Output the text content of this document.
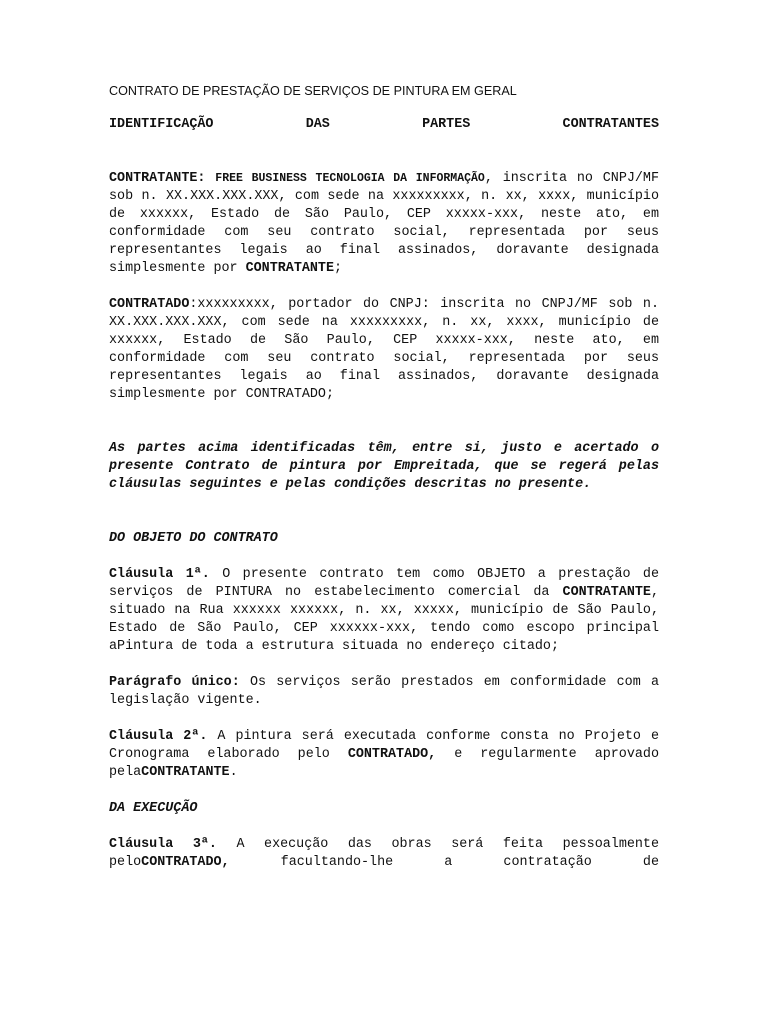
CONTRATO DE PRESTAÇÃO DE SERVIÇOS DE PINTURA EM GERAL

IDENTIFICAÇÃO	DAS	PARTES	CONTRATANTES

CONTRATANTE: FREE BUSINESS TECNOLOGIA DA INFORMAÇÃO, inscrita no CNPJ/MF sob n. XX.XXX.XXX.XXX, com sede na xxxxxxxxx, n. xx, xxxx, município de xxxxxx, Estado de São Paulo, CEP xxxxx-xxx, neste ato, em conformidade com seu contrato social, representada por seus representantes legais ao final assinados, doravante designada simplesmente por CONTRATANTE;

CONTRATADO:xxxxxxxxx, portador do CNPJ: inscrita no CNPJ/MF sob n. XX.XXX.XXX.XXX, com sede na xxxxxxxxx, n. xx, xxxx, município de xxxxxx, Estado de São Paulo, CEP xxxxx-xxx, neste ato, em conformidade com seu contrato social, representada por seus representantes legais ao final assinados, doravante designada simplesmente por CONTRATADO;

As partes acima identificadas têm, entre si, justo e acertado o presente Contrato de pintura por Empreitada, que se regerá pelas cláusulas seguintes e pelas condições descritas no presente.

DO OBJETO DO CONTRATO

Cláusula 1ª. O presente contrato tem como OBJETO a prestação de serviços de PINTURA no estabelecimento comercial da CONTRATANTE, situado na Rua xxxxxx xxxxxx, n. xx, xxxxx, município de São Paulo, Estado de São Paulo, CEP xxxxxx-xxx, tendo como escopo principal aPintura de toda a estrutura situada no endereço citado;

Parágrafo único: Os serviços serão prestados em conformidade com a legislação vigente.

Cláusula 2ª. A pintura será executada conforme consta no Projeto e Cronograma elaborado pelo CONTRATADO, e regularmente aprovado pelaCONTRATANTE.

DA EXECUÇÃO

Cláusula 3ª. A execução das obras será feita pessoalmente peloCONTRATADO, facultando-lhe a contratação de
